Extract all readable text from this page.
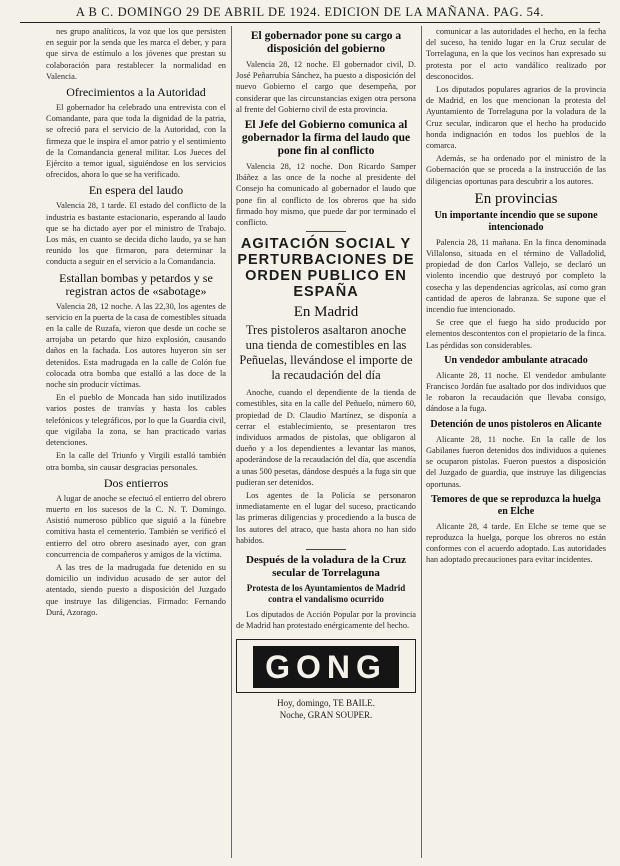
A B C. DOMINGO 29 DE ABRIL DE 1924. EDICION DE LA MAÑANA. PAG. 54.

nes grupo analíticos, la voz que los que persisten en seguir por la senda que les marca el deber, y para que sirva de estímulo a los jóvenes que prestan su colaboración para restablecer la normalidad en Valencia.

Ofrecimientos a la Autoridad

El gobernador ha celebrado una entrevista con el Comandante, para que toda la dignidad de la patria, se ofreció para el servicio de la Autoridad, con la firmeza que le inspira el amor patrio y el sentimiento de la Comandancia general militar. Los Jueces del Ejército a temor igual, siguiéndose en los servicios ofrecidos, ahora lo que se ha verificado.

En espera del laudo

Valencia 28, 1 tarde. El estado del conflicto de la industria es bastante estacionario, esperando al laudo que se ha dictado ayer por el ministro de Trabajo. Los más, en cuanto se decida dicho laudo, ya se han reunido los que firmaron, para determinar la conducta a seguir en el servicio a la Comandancia.

Estallan bombas y petardos y se registran actos de «sabotage»

Valencia 28, 12 noche. A las 22,30, los agentes de servicio en la puerta de la casa de comestibles situada en la calle de Ruzafa, vieron que desde un coche se arrojaba un petardo que hizo explosión, causando daños en la fachada. Los autores huyeron sin ser detenidos. Esta madrugada en la calle de Colón fue colocada otra bomba que estalló a las doce de la noche sin producir víctimas.

En el pueblo de Moncada han sido inutilizados varios postes de tranvías y hasta los cables telefónicos y telegráficos, por lo que la Guardia civil, que vigilaba la zona, se han practicado varias detenciones.

En la calle del Triunfo y Virgili estalló también otra bomba, sin causar desgracias personales.

Dos entierros

A lugar de anoche se efectuó el entierro del obrero muerto en los sucesos de la C. N. T. Domingo. Asistió numeroso público que siguió a la fúnebre comitiva hasta el cementerio. También se verificó el entierro del otro obrero asesinado ayer, con gran concurrencia de compañeros y amigos de la víctima.

A las tres de la madrugada fue detenido en su domicilio un individuo acusado de ser autor del atentado, siendo puesto a disposición del Juzgado que instruye las diligencias. Firmado: Fernando Durá, Azorago.

El gobernador pone su cargo a disposición del gobierno

Valencia 28, 12 noche. El gobernador civil, D. José Peñarrubia Sánchez, ha puesto a disposición del nuevo Gobierno el cargo que desempeña, por considerar que las circunstancias exigen otra persona al frente del Gobierno civil de esta provincia.

El Jefe del Gobierno comunica al gobernador la firma del laudo que pone fin al conflicto

Valencia 28, 12 noche. Don Ricardo Samper Ibáñez a las once de la noche al presidente del Consejo ha comunicado al gobernador el laudo que pone fin al conflicto de los obreros que ha sido firmado hoy mismo, que puede dar por terminado el conflicto.

AGITACIÓN SOCIAL Y PERTURBACIONES DE ORDEN PUBLICO EN ESPAÑA
En Madrid
Tres pistoleros asaltaron anoche una tienda de comestibles en las Peñuelas, llevándose el importe de la recaudación del día

Anoche, cuando el dependiente de la tienda de comestibles, sita en la calle del Peñuelo, número 60, propiedad de D. Claudio Martínez, se disponía a cerrar el establecimiento, se presentaron tres individuos armados de pistolas, que obligaron al dueño y a los dependientes a levantar las manos, apoderándose de la recaudación del día, que ascendía a unas 500 pesetas, dándose después a la fuga sin que pudieran ser detenidos.

Los agentes de la Policía se personaron inmediatamente en el lugar del suceso, practicando las primeras diligencias y procediendo a la busca de los autores del atraco, que hasta ahora no han sido habidos.

Después de la voladura de la Cruz secular de Torrelaguna
Protesta de los Ayuntamientos de Madrid contra el vandalismo ocurrido

Los diputados de Acción Popular por la provincia de Madrid han protestado enérgicamente del hecho.

GONG
Hoy, domingo, TE BAILE.
Noche, GRAN SOUPER.

comunicar a las autoridades el hecho, en la fecha del suceso, ha tenido lugar en la Cruz secular de Torrelaguna, en la que los vecinos han expresado su protesta por el acto vandálico realizado por desconocidos.

Los diputados populares agrarios de la provincia de Madrid, en los que mencionan la protesta del Ayuntamiento de Torrelaguna por la voladura de la Cruz secular, indicaron que el hecho ha producido honda indignación en todos los pueblos de la comarca.

Además, se ha ordenado por el ministro de la Gobernación que se proceda a la instrucción de las diligencias oportunas para descubrir a los autores.

En provincias
Un importante incendio que se supone intencionado

Palencia 28, 11 mañana. En la finca denominada Villalonso, situada en el término de Valladolid, propiedad de don Carlos Vallejo, se declaró un violento incendio que destruyó por completo la cosecha y las dependencias agrícolas, así como gran cantidad de aperos de labranza. Se supone que el incendio fue intencionado.

Se cree que el fuego ha sido producido por elementos descontentos con el propietario de la finca. Las pérdidas son considerables.

Un vendedor ambulante atracado

Alicante 28, 11 noche. El vendedor ambulante Francisco Jordán fue asaltado por dos individuos que le robaron la recaudación que llevaba consigo, dándose a la fuga.

Detención de unos pistoleros en Alicante

Alicante 28, 11 noche. En la calle de los Gabilanes fueron detenidos dos individuos a quienes se ocuparon pistolas. Fueron puestos a disposición del Juzgado de guardia, que instruye las diligencias oportunas.

Temores de que se reproduzca la huelga en Elche

Alicante 28, 4 tarde. En Elche se teme que se reproduzca la huelga, porque los obreros no están conformes con el acuerdo adoptado. Las autoridades han adoptado precauciones para evitar incidentes.
